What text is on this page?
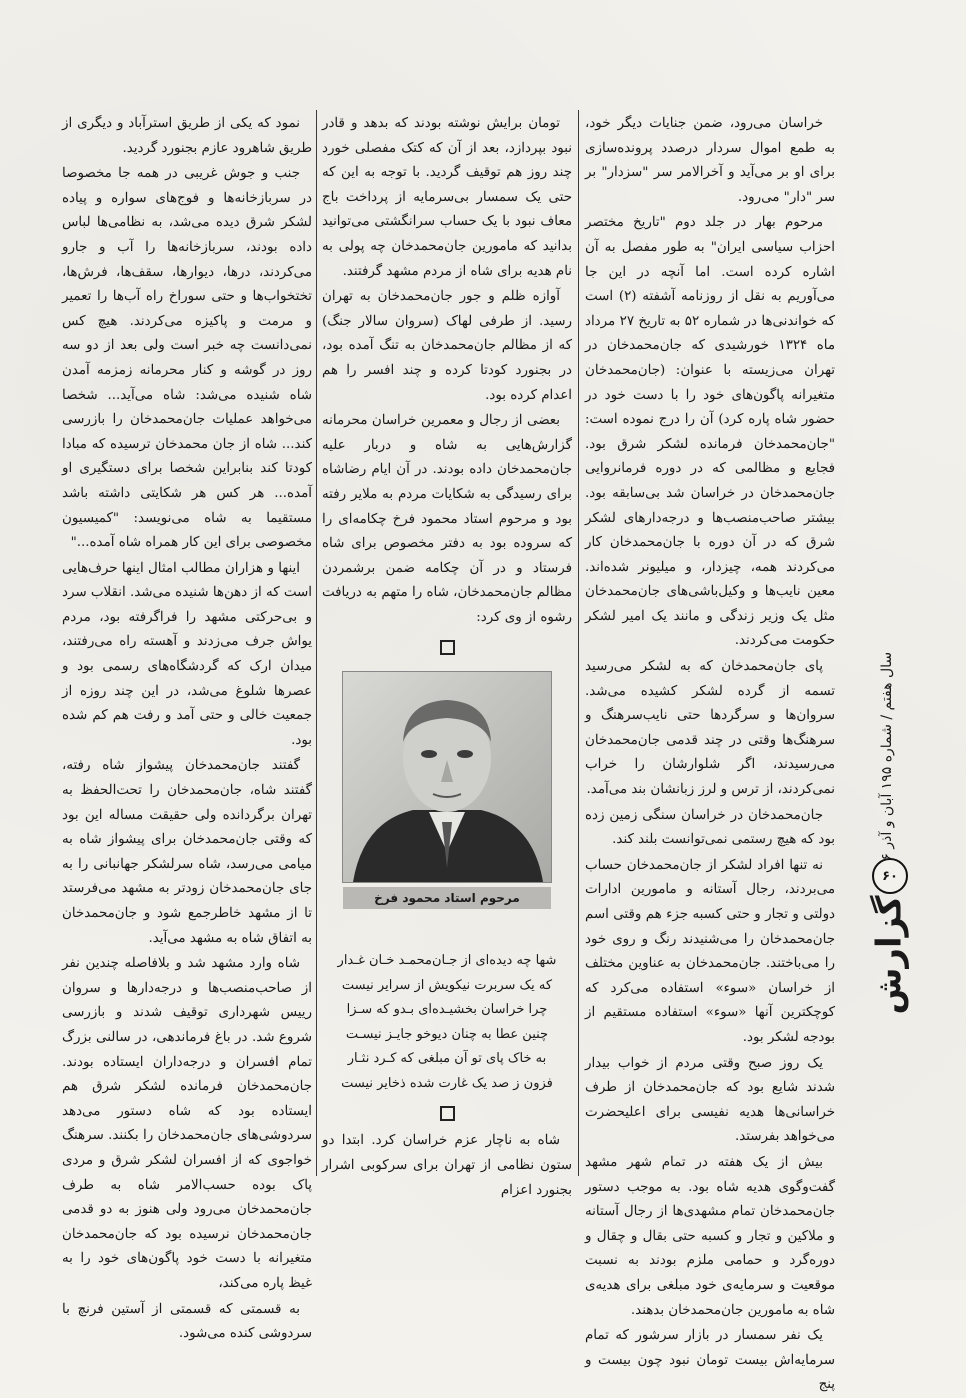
خراسان می‌رود، ضمن جنایات دیگر خود، به طمع اموال سردار درصدد پرونده‌سازی برای او بر می‌آید و آخرالامر سر "سزدار" بر سر "دار" می‌رود.

مرحوم بهار در جلد دوم "تاریخ مختصر احزاب سیاسی ایران" به طور مفصل به آن اشاره کرده است. اما آنچه در این جا می‌آوریم به نقل از روزنامه آشفته (۲) است که خواندنی‌ها در شماره ۵۲ به تاریخ ۲۷ مرداد ماه ۱۳۲۴ خورشیدی که جان‌محمدخان در تهران می‌زیسته با عنوان: (جان‌محمدخان متغیرانه پاگون‌های خود را با دست خود در حضور شاه پاره کرد) آن را درج نموده است: "جان‌محمدخان فرمانده لشکر شرق بود. فجایع و مظالمی که در دوره فرمانروایی جان‌محمدخان در خراسان شد بی‌سابقه بود. بیشتر صاحب‌منصب‌ها و درجه‌دارهای لشکر شرق که در آن دوره با جان‌محمدخان کار می‌کردند همه، چیزدار، و میلیونر شده‌اند. معین نایب‌ها و وکیل‌باشی‌های جان‌محمدخان مثل یک وزیر زندگی و مانند یک امیر لشکر حکومت می‌کردند.

پای جان‌محمدخان که به لشکر می‌رسید تسمه از گرده لشکر کشیده می‌شد. سروان‌ها و سرگردها حتی نایب‌سرهنگ و سرهنگ‌ها وقتی در چند قدمی جان‌محمدخان می‌رسیدند، اگر شلوارشان را خراب نمی‌کردند، از ترس و لرز زبانشان بند می‌آمد.

جان‌محمدخان در خراسان سنگی زمین زده بود که هیچ رستمی نمی‌توانست بلند کند.

نه تنها افراد لشکر از جان‌محمدخان حساب می‌بردند، رجال آستانه و مامورین ادارات دولتی و تجار و حتی کسبه جزء هم وقتی اسم جان‌محمدخان را می‌شنیدند رنگ و روی خود را می‌باختند. جان‌محمدخان به عناوین مختلف از خراسان «سوء» استفاده می‌کرد که کوچکترین آنها «سوء» استفاده مستقیم از بودجه لشکر بود.

یک روز صبح وقتی مردم از خواب بیدار شدند شایع بود که جان‌محمدخان از طرف خراسانی‌ها هدیه نفیسی برای اعلیحضرت می‌خواهد بفرستد.

بیش از یک هفته در تمام شهر مشهد گفت‌وگوی هدیه شاه بود. به موجب دستور جان‌محمدخان تمام مشهدی‌ها از رجال آستانه و ملاکین و تجار و کسبه حتی بقال و چقال و دوره‌گرد و حمامی ملزم بودند به نسبت موقعیت و سرمایه‌ی خود مبلغی برای هدیه‌ی شاه به مامورین جان‌محمدخان بدهند.

یک نفر سمسار در بازار سرشور که تمام سرمایه‌اش بیست تومان نبود چون بیست و پنج

تومان برایش نوشته بودند که بدهد و قادر نبود بپردازد، بعد از آن که کتک مفصلی خورد چند روز هم توقیف گردید. با توجه به این که حتی یک سمسار بی‌سرمایه از پرداخت باج معاف نبود با یک حساب سرانگشتی می‌توانید بدانید که مامورین جان‌محمدخان چه پولی به نام هدیه برای شاه از مردم مشهد گرفتند.

آوازه ظلم و جور جان‌محمدخان به تهران رسید. از طرفی لهاک (سروان سالار جنگ) که از مظالم جان‌محمدخان به تنگ آمده بود، در بجنورد کودتا کرده و چند افسر را هم اعدام کرده بود.

بعضی از رجال و معمرین خراسان محرمانه گزارش‌هایی به شاه و دربار علیه جان‌محمدخان داده بودند. در آن ایام رضاشاه برای رسیدگی به شکایات مردم به ملایر رفته بود و مرحوم استاد محمود فرخ چکامه‌ای را که سروده بود به دفتر مخصوص برای شاه فرستاد و در آن چکامه ضمن برشمردن مظالم جان‌محمدخان، شاه را متهم به دریافت رشوه از وی کرد:

مرحوم استاد محمود فرخ
شها چه دیده‌ای از جـان‌محمـد خـان غـدار
که یک سربرت نیکویش از سرایر نیست
چرا خراسان بخشیـده‌ای بـدو که سـزا
چنین عطا به چنان دیوخو جایـز نیسـت
به خاک پای تو آن مبلغی که کـرد نثـار
فزون ز صد یک غارت شده ذخایر نیست

شاه به ناچار عزم خراسان کرد. ابتدا دو ستون نظامی از تهران برای سرکوبی اشرار بجنورد اعزام

نمود که یکی از طریق استرآباد و دیگری از طریق شاهرود عازم بجنورد گردید.

جنب و جوش غریبی در همه جا مخصوصا در سربازخانه‌ها و فوج‌های سواره و پیاده لشکر شرق دیده می‌شد، به نظامی‌ها لباس داده بودند، سربازخانه‌ها را آب و جارو می‌کردند، درها، دیوارها، سقف‌ها، فرش‌ها، تختخواب‌ها و حتی سوراخ راه آب‌ها را تعمیر و مرمت و پاکیزه می‌کردند. هیچ کس نمی‌دانست چه خبر است ولی بعد از دو سه روز در گوشه و کنار محرمانه زمزمه آمدن شاه شنیده می‌شد: شاه می‌آید... شخصا می‌خواهد عملیات جان‌محمدخان را بازرسی کند... شاه از جان محمدخان ترسیده که مبادا کودتا کند بنابراین شخصا برای دستگیری او آمده... هر کس هر شکایتی داشته باشد مستقیما به شاه می‌نویسد: "کمیسیون مخصوصی برای این کار همراه شاه آمده..."

اینها و هزاران مطالب امثال اینها حرف‌هایی است که از دهن‌ها شنیده می‌شد. انقلاب سرد و بی‌حرکتی مشهد را فراگرفته بود، مردم یواش جرف می‌زدند و آهسته راه می‌رفتند، میدان ارک که گردشگاه‌های رسمی بود و عصرها شلوغ می‌شد، در این چند روزه از جمعیت خالی و حتی آمد و رفت هم کم شده بود.

گفتند جان‌محمدخان پیشواز شاه رفته، گفتند شاه، جان‌محمدخان را تحت‌الحفظ به تهران برگردانده ولی حقیقت مساله این بود که وقتی جان‌محمدخان برای پیشواز شاه به میامی می‌رسد، شاه سرلشکر جهانبانی را به جای جان‌محمدخان زودتر به مشهد می‌فرستد تا از مشهد خاطرجمع شود و جان‌محمدخان به اتفاق شاه به مشهد می‌آید.

شاه وارد مشهد شد و بلافاصله چندین نفر از صاحب‌منصب‌ها و درجه‌دارها و سروان رییس شهرداری توقیف شدند و بازرسی شروع شد. در باغ فرماندهی، در سالنی بزرگ تمام افسران و درجه‌داران ایستاده بودند. جان‌محمدخان فرمانده لشکر شرق هم ایستاده بود که شاه دستور می‌دهد سردوشی‌های جان‌محمدخان را بکنند. سرهنگ خواجوی که از افسران لشکر شرق و مردی پاک بوده حسب‌الامر شاه به طرف جان‌محمدخان می‌رود ولی هنوز به دو قدمی جان‌محمدخان نرسیده بود که جان‌محمدخان متغیرانه با دست خود پاگون‌های خود را به غیظ پاره می‌کند،

به قسمتی که قسمتی از آستین فرنچ با سردوشی کنده می‌شود.

سال هفتم / شماره ۱۹۵ آبان و آذر
۶۰
گزارش
